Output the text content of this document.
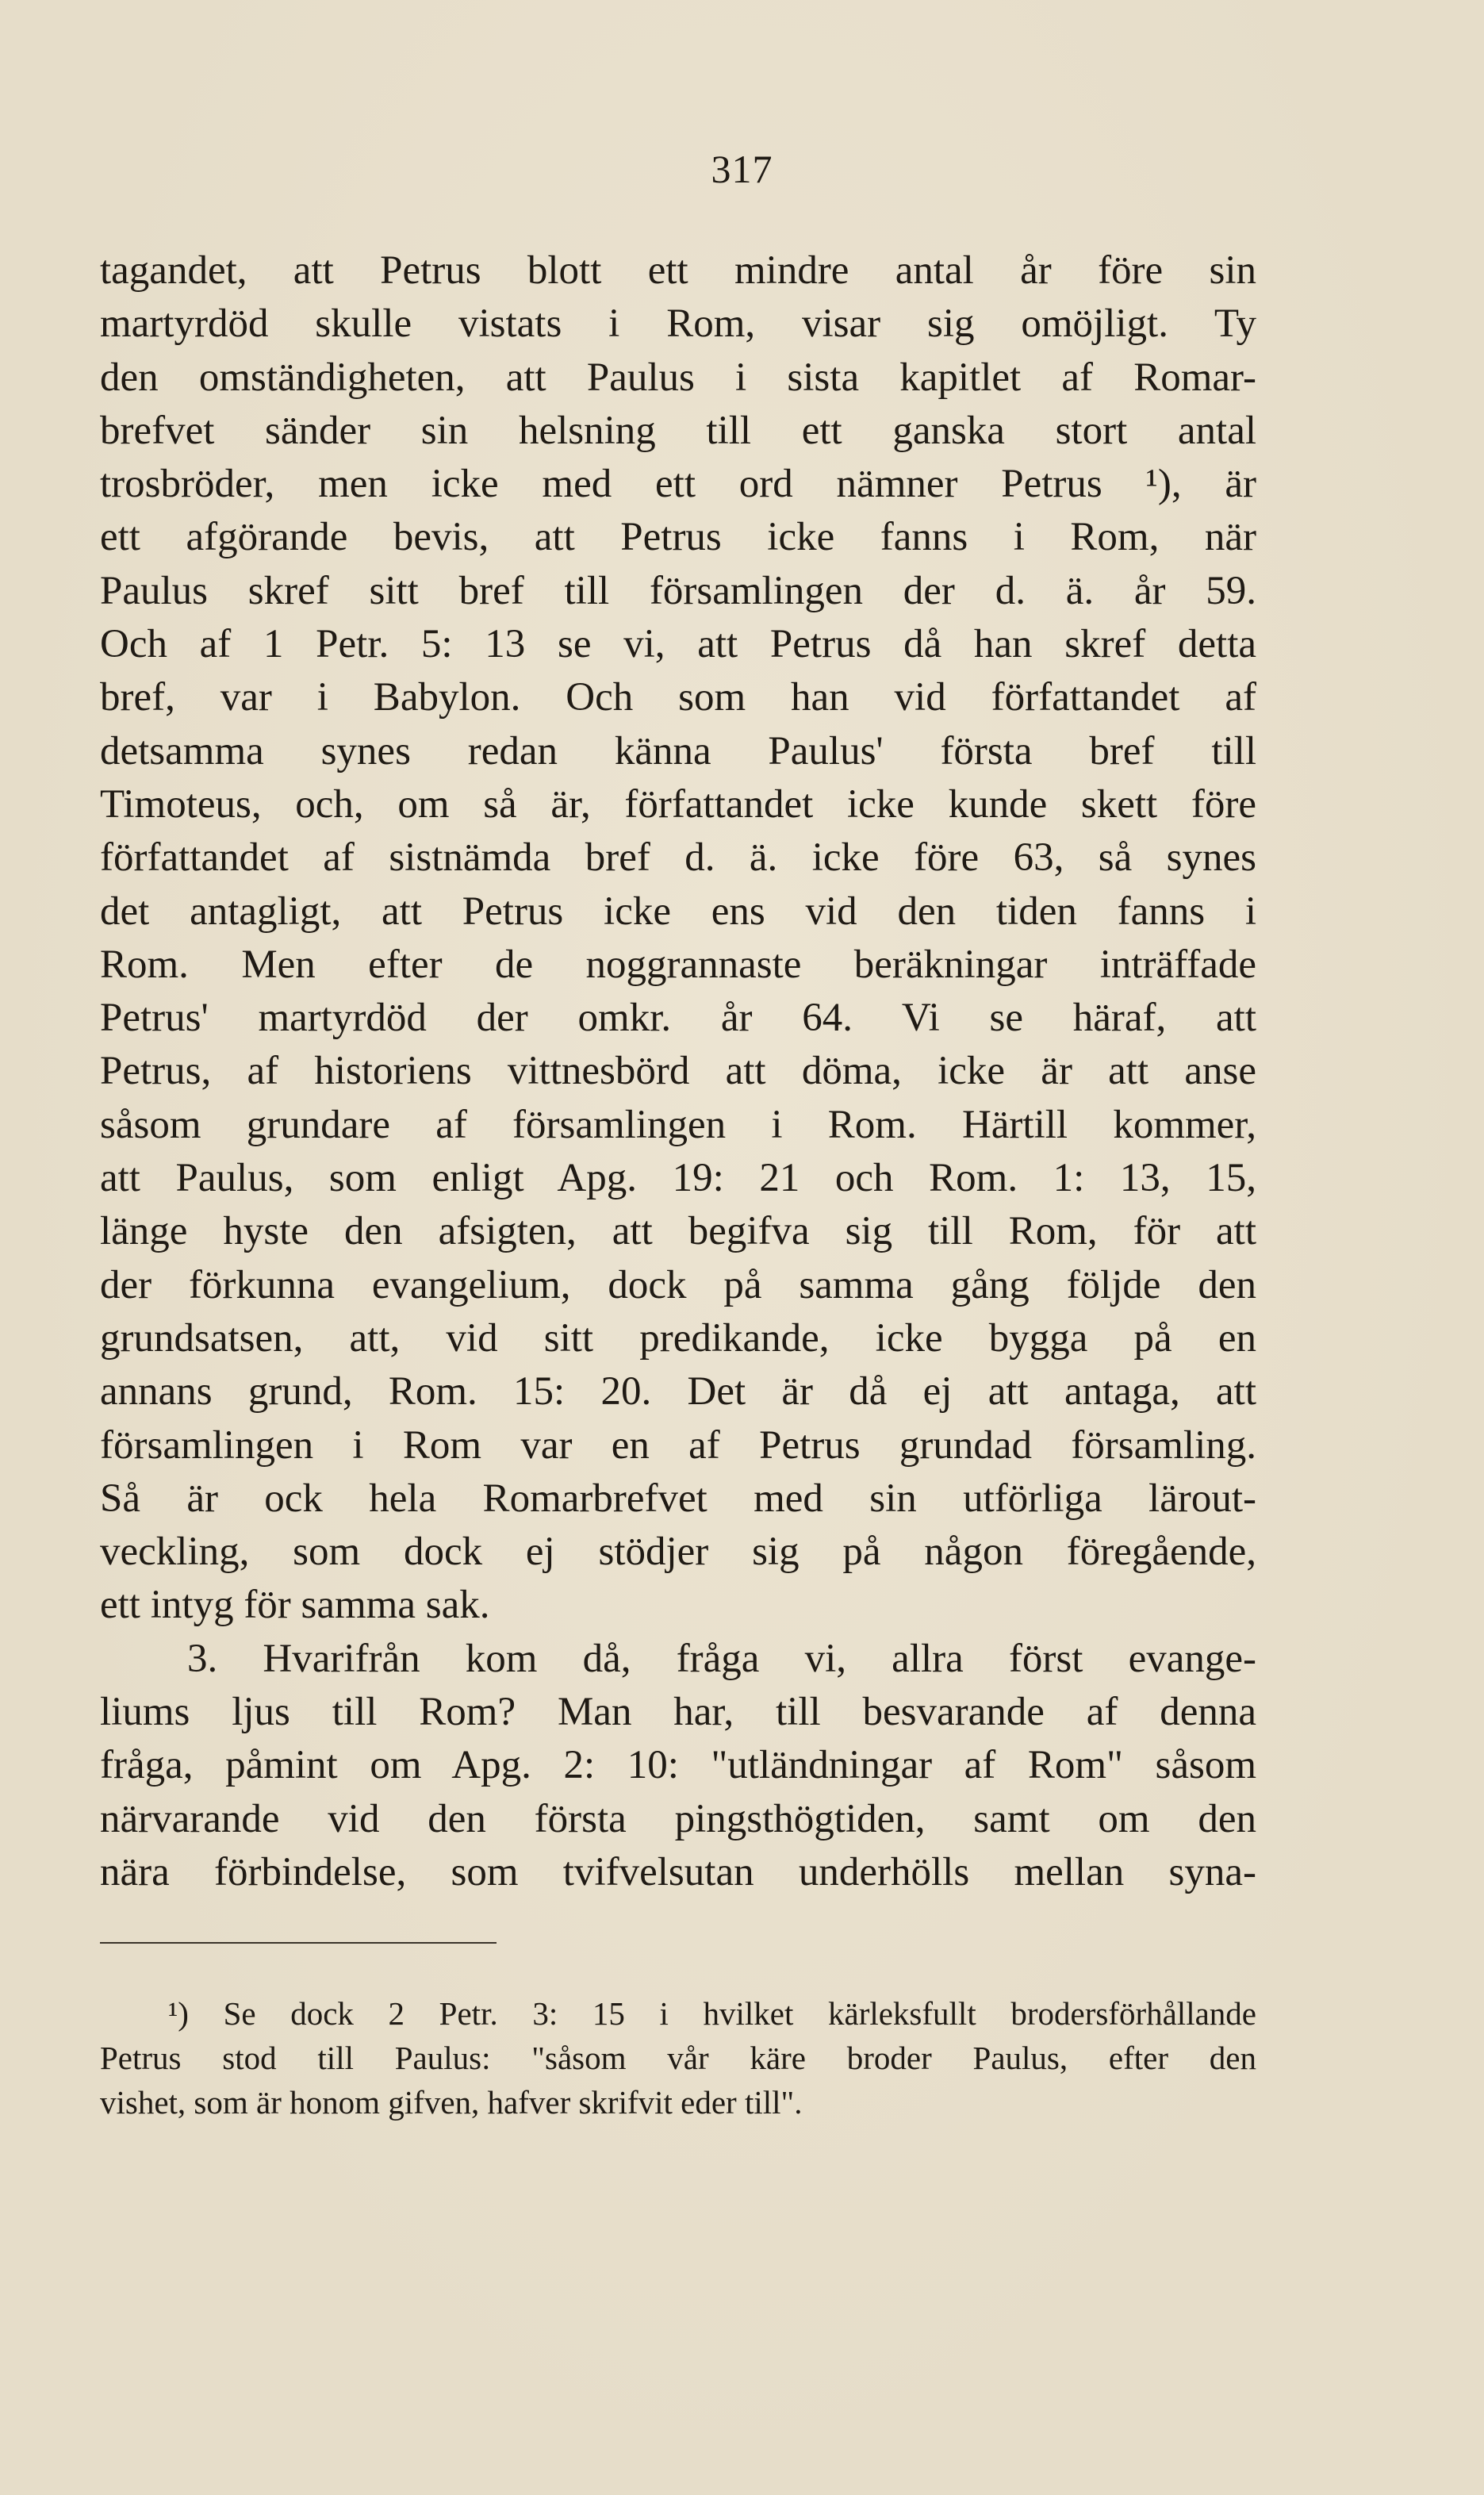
317
tagandet, att Petrus blott ett mindre antal år före sin
martyrdöd skulle vistats i Rom, visar sig omöjligt. Ty
den omständigheten, att Paulus i sista kapitlet af Romar-
brefvet sänder sin helsning till ett ganska stort antal
trosbröder, men icke med ett ord nämner Petrus ¹), är
ett afgörande bevis, att Petrus icke fanns i Rom, när
Paulus skref sitt bref till församlingen der d. ä. år 59.
Och af 1 Petr. 5: 13 se vi, att Petrus då han skref detta
bref, var i Babylon. Och som han vid författandet af
detsamma synes redan känna Paulus' första bref till
Timoteus, och, om så är, författandet icke kunde skett före
författandet af sistnämda bref d. ä. icke före 63, så synes
det antagligt, att Petrus icke ens vid den tiden fanns i
Rom. Men efter de noggrannaste beräkningar inträffade
Petrus' martyrdöd der omkr. år 64. Vi se häraf, att
Petrus, af historiens vittnesbörd att döma, icke är att anse
såsom grundare af församlingen i Rom. Härtill kommer,
att Paulus, som enligt Apg. 19: 21 och Rom. 1: 13, 15,
länge hyste den afsigten, att begifva sig till Rom, för att
der förkunna evangelium, dock på samma gång följde den
grundsatsen, att, vid sitt predikande, icke bygga på en
annans grund, Rom. 15: 20. Det är då ej att antaga, att
församlingen i Rom var en af Petrus grundad församling.
Så är ock hela Romarbrefvet med sin utförliga lärout-
veckling, som dock ej stödjer sig på någon föregående,
ett intyg för samma sak.
3. Hvarifrån kom då, fråga vi, allra först evange-
liums ljus till Rom? Man har, till besvarande af denna
fråga, påmint om Apg. 2: 10: "utländningar af Rom" såsom
närvarande vid den första pingsthögtiden, samt om den
nära förbindelse, som tvifvelsutan underhölls mellan syna-
¹) Se dock 2 Petr. 3: 15 i hvilket kärleksfullt brodersförhållande
Petrus stod till Paulus: "såsom vår käre broder Paulus, efter den
vishet, som är honom gifven, hafver skrifvit eder till".
